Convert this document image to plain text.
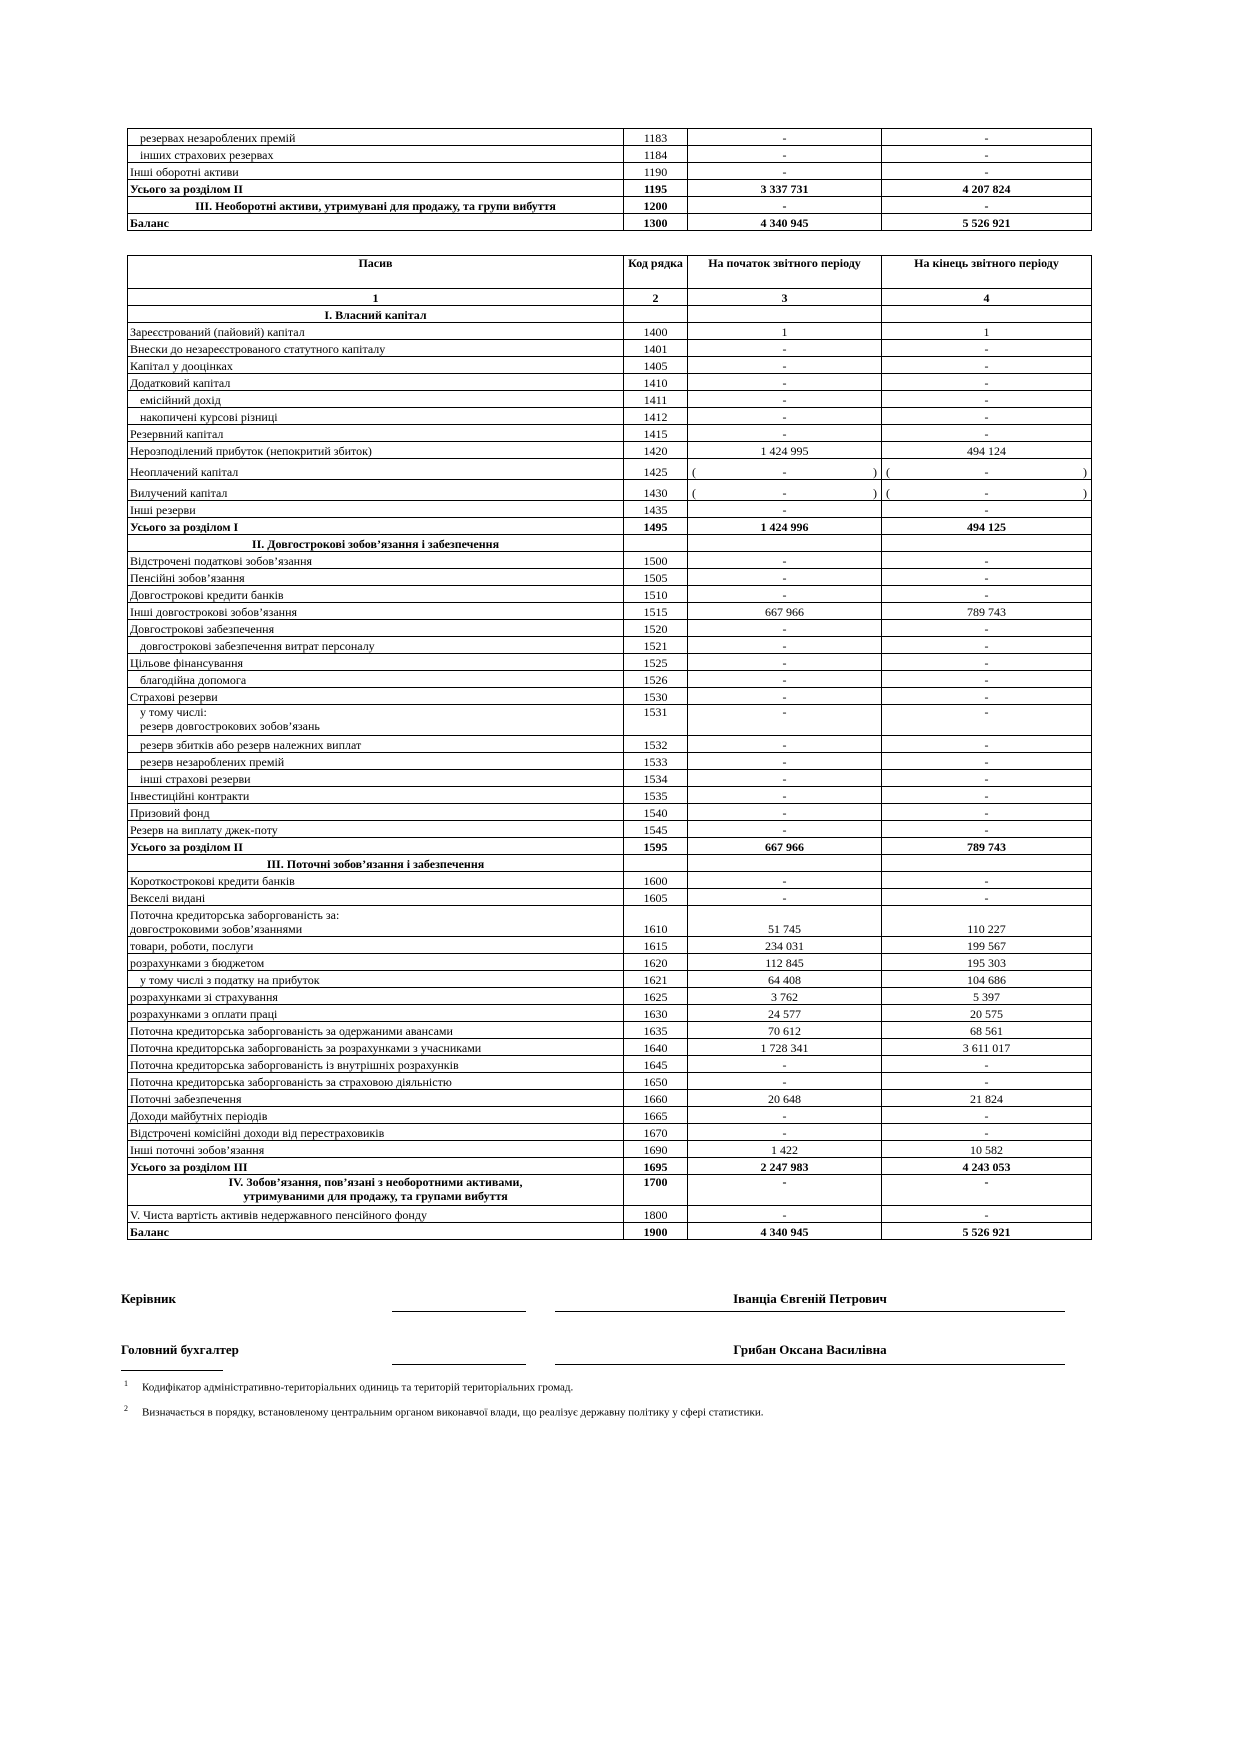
резервах незароблених премій	1183	-	-
інших страхових резервах	1184	-	-
Інші оборотні активи	1190	-	-
Усього за розділом II	1195	3 337 731	4 207 824
III. Необоротні активи, утримувані для продажу, та групи вибуття	1200	-	-
Баланс	1300	4 340 945	5 526 921
Пасив	Код рядка	На початок звітного періоду	На кінець звітного періоду
1	2	3	4
I. Власний капітал			
Зареєстрований (пайовий) капітал	1400	1	1
Внески до незареєстрованого статутного капіталу	1401	-	-
Капітал у дооцінках	1405	-	-
Додатковий капітал	1410	-	-
емісійний дохід	1411	-	-
накопичені курсові різниці	1412	-	-
Резервний капітал	1415	-	-
Нерозподілений прибуток (непокритий збиток)	1420	1 424 995	494 124
Неоплачений капітал	1425	( - )	( - )

Вилучений капітал	1430	( - )	( - )

Інші резерви	1435	-	-
Усього за розділом I	1495	1 424 996	494 125
II. Довгострокові зобов’язання і забезпечення			
Відстрочені податкові зобов’язання	1500	-	-
Пенсійні зобов’язання	1505	-	-
Довгострокові кредити банків	1510	-	-
Інші довгострокові зобов’язання	1515	667 966	789 743
Довгострокові забезпечення	1520	-	-
довгострокові забезпечення витрат персоналу	1521	-	-
Цільове фінансування	1525	-	-
благодійна допомога	1526	-	-
Страхові резерви	1530	-	-

у тому числі:
резерв довгострокових зобов’язань	1531	-	-
резерв збитків або резерв належних виплат	1532	-	-
резерв незароблених премій	1533	-	-
інші страхові резерви	1534	-	-
Інвестиційні контракти	1535	-	-
Призовий фонд	1540	-	-
Резерв на виплату джек-поту	1545	-	-
Усього за розділом II	1595	667 966	789 743
III. Поточні зобов’язання і забезпечення			
Короткострокові кредити банків	1600	-	-
Векселі видані	1605	-	-

Поточна кредиторська заборгованість за:
довгостроковими зобов’язаннями	1610	51 745	110 227
товари, роботи, послуги	1615	234 031	199 567
розрахунками з бюджетом	1620	112 845	195 303
у тому числі з податку на прибуток	1621	64 408	104 686
розрахунками зі страхування	1625	3 762	5 397
розрахунками з оплати праці	1630	24 577	20 575
Поточна кредиторська заборгованість за одержаними авансами	1635	70 612	68 561
Поточна кредиторська заборгованість за розрахунками з учасниками	1640	1 728 341	3 611 017
Поточна кредиторська заборгованість із внутрішніх розрахунків	1645	-	-
Поточна кредиторська заборгованість за страховою діяльністю	1650	-	-
Поточні забезпечення	1660	20 648	21 824
Доходи майбутніх періодів	1665	-	-
Відстрочені комісійні доходи від перестраховиків	1670	-	-
Інші поточні зобов’язання	1690	1 422	10 582
Усього за розділом III	1695	2 247 983	4 243 053

IV. Зобов’язання, пов’язані з необоротними активами,
утримуваними для продажу, та групами вибуття	1700	-	-
V. Чиста вартість активів недержавного пенсійного фонду	1800	-	-
Баланс	1900	4 340 945	5 526 921
Керівник	Іванціа Євгеній Петрович
Головний бухгалтер	Грибан Оксана Василівна
$^1$ Кодифікатор адміністративно-територіальних одиниць та територій територіальних громад.
$^2$ Визначається в порядку, встановленому центральним органом виконавчої влади, що реалізує державну політику у сфері статистики.
